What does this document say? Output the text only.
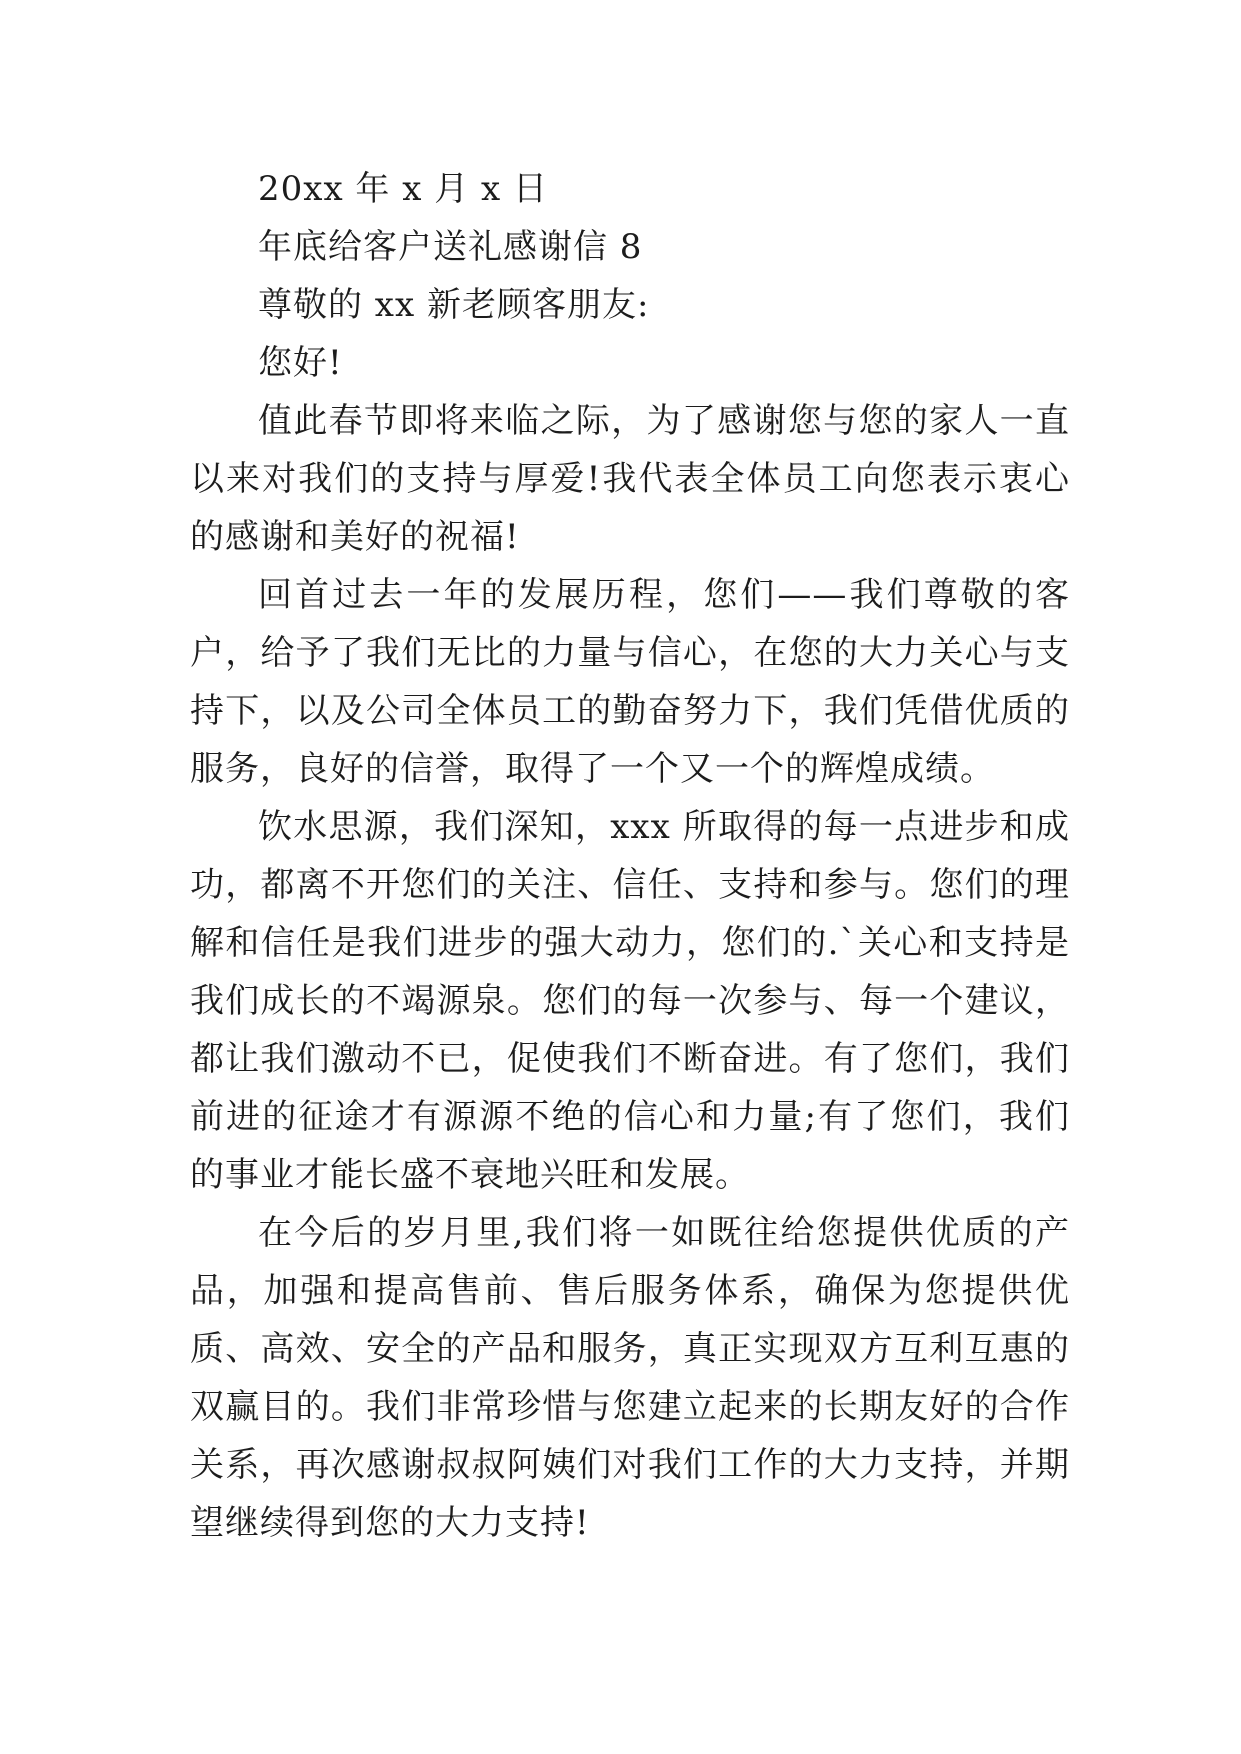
20xx 年 x 月 x 日

年底给客户送礼感谢信 8

尊敬的 xx 新老顾客朋友:

您好!

值此春节即将来临之际，为了感谢您与您的家人一直以来对我们的支持与厚爱!我代表全体员工向您表示衷心的感谢和美好的祝福!

回首过去一年的发展历程，您们——我们尊敬的客户，给予了我们无比的力量与信心，在您的大力关心与支持下，以及公司全体员工的勤奋努力下，我们凭借优质的服务，良好的信誉，取得了一个又一个的辉煌成绩。

饮水思源，我们深知，xxx 所取得的每一点进步和成功，都离不开您们的关注、信任、支持和参与。您们的理解和信任是我们进步的强大动力，您们的.`关心和支持是我们成长的不竭源泉。您们的每一次参与、每一个建议，都让我们激动不已，促使我们不断奋进。有了您们，我们前进的征途才有源源不绝的信心和力量;有了您们，我们的事业才能长盛不衰地兴旺和发展。

在今后的岁月里,我们将一如既往给您提供优质的产品，加强和提高售前、售后服务体系，确保为您提供优质、高效、安全的产品和服务，真正实现双方互利互惠的双赢目的。我们非常珍惜与您建立起来的长期友好的合作关系，再次感谢叔叔阿姨们对我们工作的大力支持，并期望继续得到您的大力支持!
